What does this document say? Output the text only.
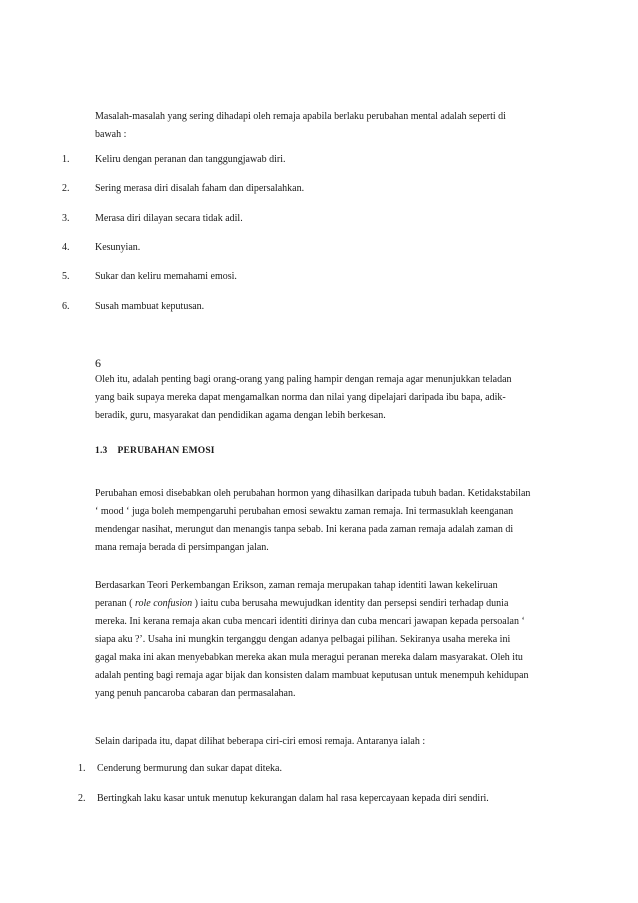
Masalah-masalah yang sering dihadapi oleh remaja apabila berlaku perubahan mental adalah seperti di
bawah :
1.	Keliru dengan peranan dan tanggungjawab diri.
2.	Sering merasa diri disalah faham dan dipersalahkan.
3.	Merasa diri dilayan secara tidak adil.
4.	Kesunyian.
5.	Sukar dan keliru memahami emosi.
6.	Susah mambuat keputusan.
6
Oleh itu, adalah penting bagi orang-orang yang paling hampir dengan remaja agar menunjukkan teladan
yang baik supaya mereka dapat mengamalkan norma dan nilai yang dipelajari daripada ibu bapa, adik-
beradik, guru, masyarakat dan pendidikan agama dengan lebih berkesan.
1.3 PERUBAHAN EMOSI
Perubahan emosi disebabkan oleh perubahan hormon yang dihasilkan daripada tubuh badan. Ketidakstabilan
‘ mood ‘ juga boleh mempengaruhi perubahan emosi sewaktu zaman remaja. Ini termasuklah keenganan
mendengar nasihat, merungut dan menangis tanpa sebab. Ini kerana pada zaman remaja adalah zaman di
mana remaja berada di persimpangan jalan.
Berdasarkan Teori Perkembangan Erikson, zaman remaja merupakan tahap identiti lawan kekeliruan
peranan ( role confusion ) iaitu cuba berusaha mewujudkan identity dan persepsi sendiri terhadap dunia
mereka. Ini kerana remaja akan cuba mencari identiti dirinya dan cuba mencari jawapan kepada persoalan ‘
siapa aku ?’. Usaha ini mungkin terganggu dengan adanya pelbagai pilihan. Sekiranya usaha mereka ini
gagal maka ini akan menyebabkan mereka akan mula meragui peranan mereka dalam masyarakat. Oleh itu
adalah penting bagi remaja agar bijak dan konsisten dalam mambuat keputusan untuk menempuh kehidupan
yang penuh pancaroba cabaran dan permasalahan.
Selain daripada itu, dapat dilihat beberapa ciri-ciri emosi remaja. Antaranya ialah :
1. Cenderung bermurung dan sukar dapat diteka.
2. Bertingkah laku kasar untuk menutup kekurangan dalam hal rasa kepercayaan kepada diri sendiri.
